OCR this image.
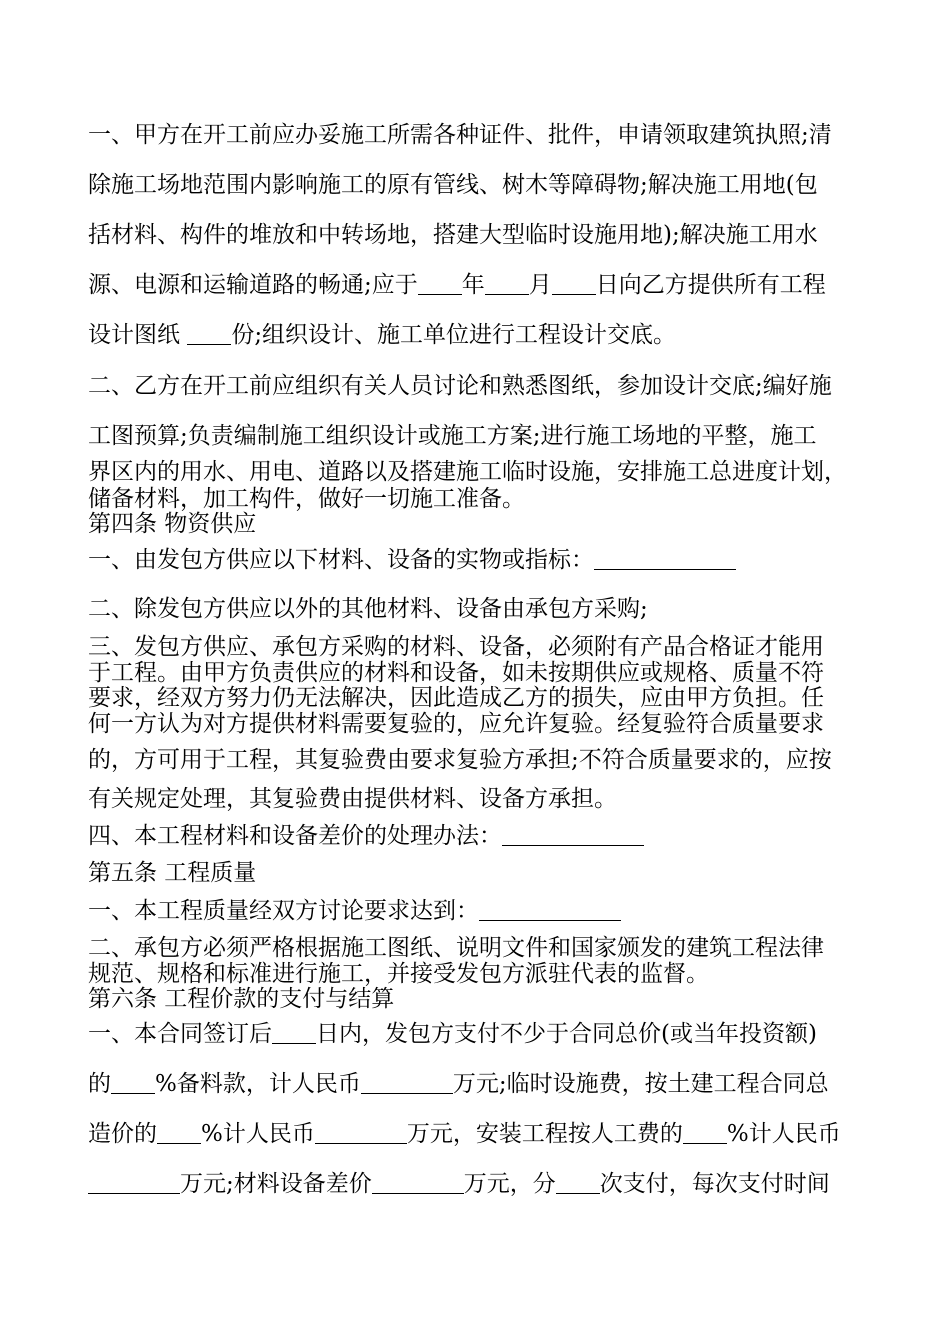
一、甲方在开工前应办妥施工所需各种证件、批件，申请领取建筑执照;清
除施工场地范围内影响施工的原有管线、树木等障碍物;解决施工用地(包
括材料、构件的堆放和中转场地，搭建大型临时设施用地);解决施工用水
源、电源和运输道路的畅通;应于 年 月 日向乙方提供所有工程
设计图纸 份;组织设计、施工单位进行工程设计交底。
二、乙方在开工前应组织有关人员讨论和熟悉图纸，参加设计交底;编好施
工图预算;负责编制施工组织设计或施工方案;进行施工场地的平整，施工
界区内的用水、用电、道路以及搭建施工临时设施，安排施工总进度计划，
储备材料，加工构件，做好一切施工准备。
第四条 物资供应
一、由发包方供应以下材料、设备的实物或指标：
二、除发包方供应以外的其他材料、设备由承包方采购;
三、发包方供应、承包方采购的材料、设备，必须附有产品合格证才能用
于工程。由甲方负责供应的材料和设备，如未按期供应或规格、质量不符
要求，经双方努力仍无法解决，因此造成乙方的损失，应由甲方负担。任
何一方认为对方提供材料需要复验的，应允许复验。经复验符合质量要求
的，方可用于工程，其复验费由要求复验方承担;不符合质量要求的，应按
有关规定处理，其复验费由提供材料、设备方承担。
四、本工程材料和设备差价的处理办法：
第五条 工程质量
一、本工程质量经双方讨论要求达到：
二、承包方必须严格根据施工图纸、说明文件和国家颁发的建筑工程法律
规范、规格和标准进行施工，并接受发包方派驻代表的监督。
第六条 工程价款的支付与结算
一、本合同签订后 日内，发包方支付不少于合同总价(或当年投资额)
的 %备料款，计人民币	万元;临时设施费，按土建工程合同总
造价的 %计人民币	万元，安装工程按人工费的 %计人民币
万元;材料设备差价	万元，分 次支付，每次支付时间
